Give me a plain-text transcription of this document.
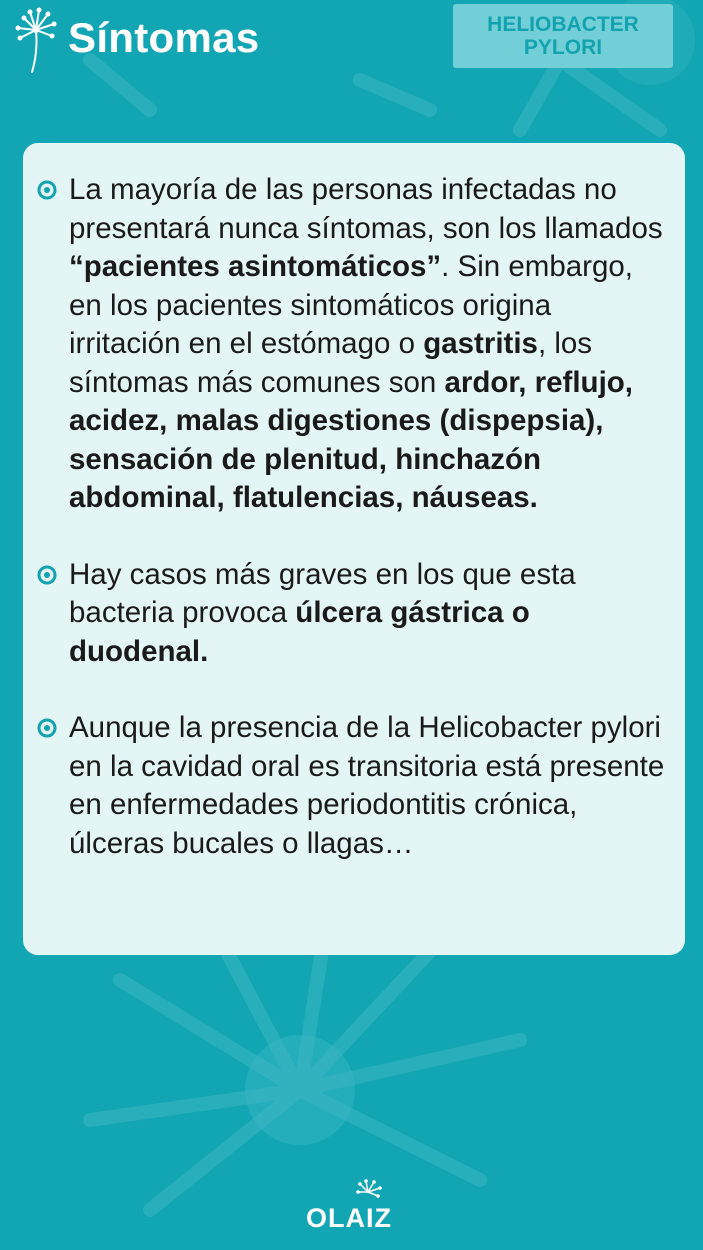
Síntomas	HELIOBACTER
PYLORI
La mayoría de las personas infectadas no presentará nunca síntomas, son los llamados “pacientes asintomáticos”. Sin embargo, en los pacientes sintomáticos origina irritación en el estómago o gastritis, los síntomas más comunes son ardor, reflujo, acidez, malas digestiones (dispepsia), sensación de plenitud, hinchazón abdominal, flatulencias, náuseas.
Hay casos más graves en los que esta bacteria provoca úlcera gástrica o duodenal.
Aunque la presencia de la Helicobacter pylori en la cavidad oral es transitoria está presente en enfermedades periodontitis crónica, úlceras bucales o llagas…
OLAIZ
